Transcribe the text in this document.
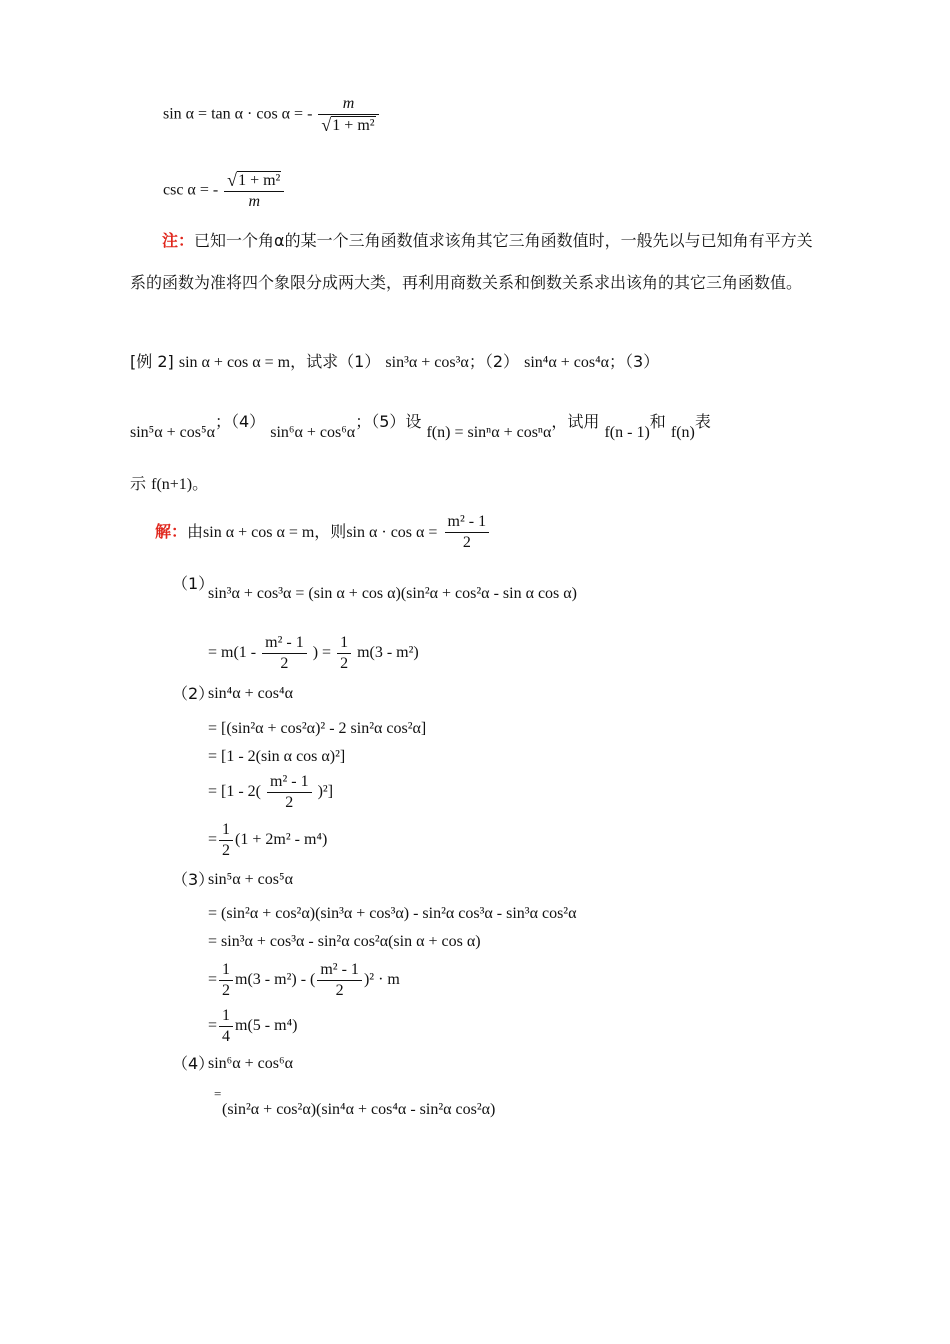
sin α = tan α · cos α = - $\frac{m}{\text{√1 + m²}}$
csc α = - $\frac{\text{√1 + m²}}{m}$
注：已知一个角α的某一个三角函数值求该角其它三角函数值时，一般先以与已知角有平方关系的函数为准将四个象限分成两大类，再利用商数关系和倒数关系求出该角的其它三角函数值。
[例 2] sin α + cos α = m，试求（1） sin³α + cos³α；（2） sin⁴α + cos⁴α；（3）
sin⁵α + cos⁵α；（4） sin⁶α + cos⁶α；（5）设 f(n) = sinⁿα + cosⁿα，试用 f(n - 1)和 f(n)表
示 f(n+1)。
解：由sin α + cos α = m，则$\sin \alpha \cdot \cos \alpha = \frac{\text{m² - 1}}{2}$
（1）
sin³α + cos³α = (sin α + cos α)(sin²α + cos²α - sin α cos α)
= $m(1 - \frac{\text{m² - 1}}{2}$ ) = $\frac{1}{2} m(3 - m^2)$
（2）
sin⁴α + cos⁴α
= [(sin²α + cos²α)² - 2 sin²α cos²α]
= [1 - 2(sin α cos α)²]
= $[1 - 2( \frac{\text{m² - 1}}{2} )^2]$
= $\frac{1}{2} (1 + 2m^2 - m^4)$
（3）
sin⁵α + cos⁵α
= (sin²α + cos²α)(sin³α + cos³α) - sin²α cos³α - sin³α cos²α
= sin³α + cos³α - sin²α cos²α(sin α + cos α)
= $\frac{1}{2} m(3 - m^2)$ - ( $\frac{\text{m² - 1}}{2} )^2 \cdot m$
= $\frac{1}{4} m(5 - m^4)$
（4）
sin⁶α + cos⁶α
=
(sin²α + cos²α)(sin⁴α + cos⁴α - sin²α cos²α)
